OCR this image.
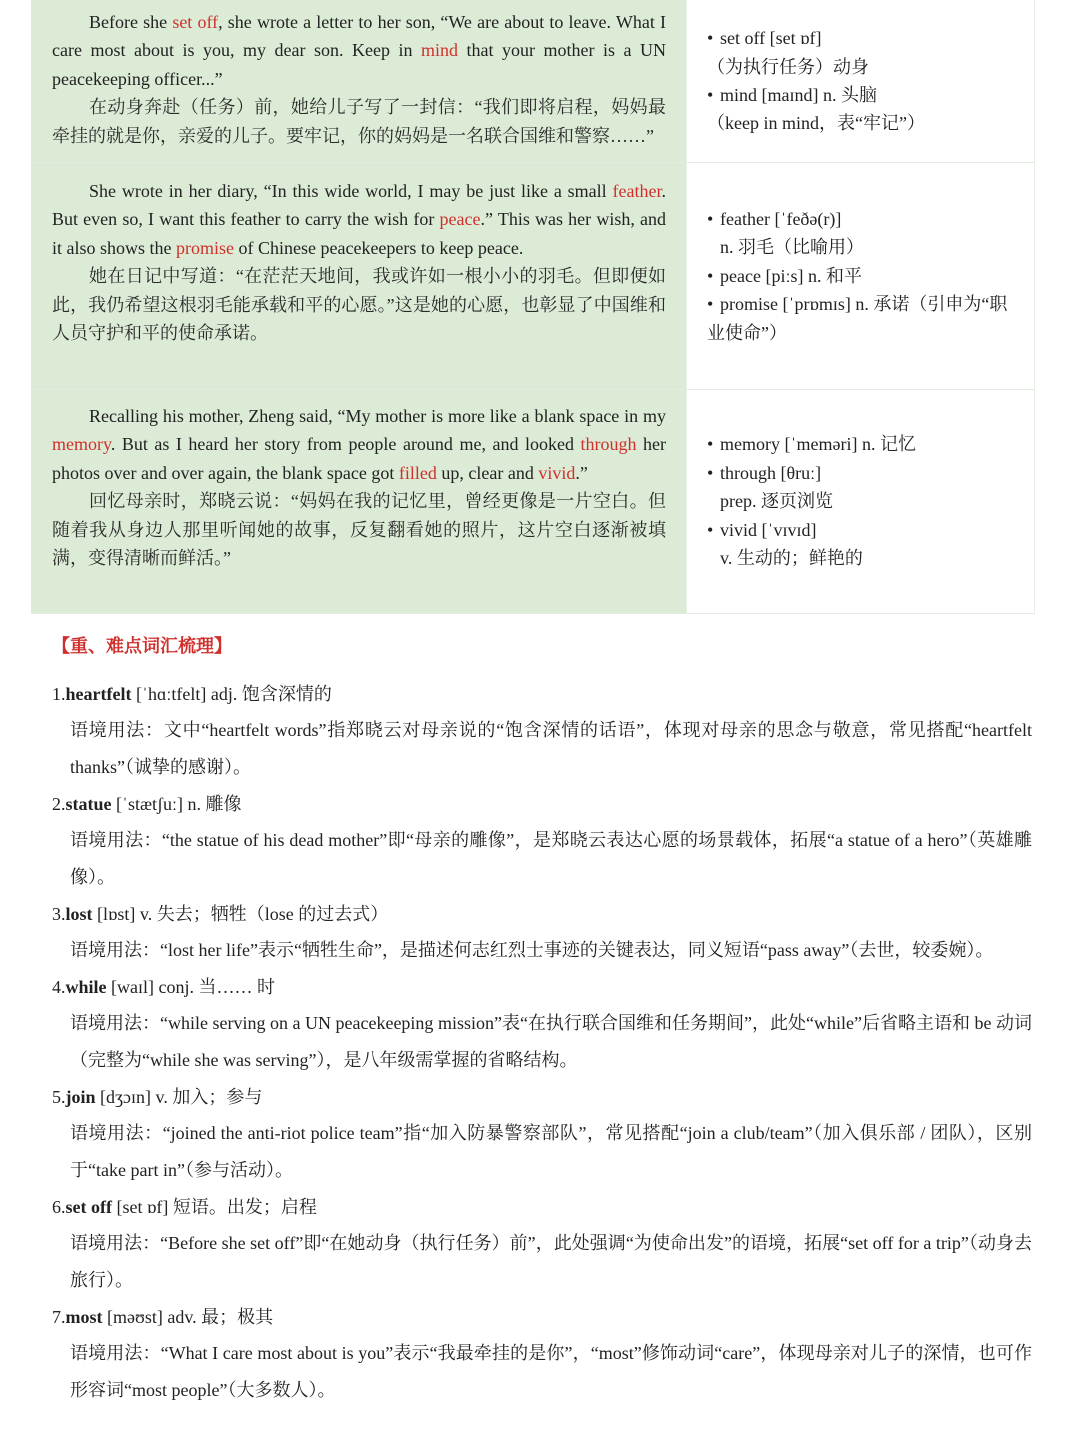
Before she set off, she wrote a letter to her son, “We are about to leave. What I care most about is you, my dear son. Keep in mind that your mother is a UN peacekeeping officer...”

在动身奔赴（任务）前，她给儿子写了一封信：“我们即将启程，妈妈最牵挂的就是你，亲爱的儿子。要牢记，你的妈妈是一名联合国维和警察……”

• set off [set ɒf]
（为执行任务）动身
• mind [maɪnd] n. 头脑
（keep in mind，表“牢记”）

She wrote in her diary, “In this wide world, I may be just like a small feather. But even so, I want this feather to carry the wish for peace.” This was her wish, and it also shows the promise of Chinese peacekeepers to keep peace.

她在日记中写道：“在茫茫天地间，我或许如一根小小的羽毛。但即便如此，我仍希望这根羽毛能承载和平的心愿。”这是她的心愿，也彰显了中国维和人员守护和平的使命承诺。

• feather [ˈfeðə(r)]
n. 羽毛（比喻用）
• peace [piːs] n. 和平
• promise [ˈprɒmɪs] n. 承诺（引申为“职业使命”）

Recalling his mother, Zheng said, “My mother is more like a blank space in my memory. But as I heard her story from people around me, and looked through her photos over and over again, the blank space got filled up, clear and vivid.”

回忆母亲时，郑晓云说：“妈妈在我的记忆里，曾经更像是一片空白。但随着我从身边人那里听闻她的故事，反复翻看她的照片，这片空白逐渐被填满，变得清晰而鲜活。”

• memory [ˈmeməri] n. 记忆
• through [θruː]
prep. 逐页浏览
• vivid [ˈvɪvɪd]
v. 生动的；鲜艳的
【重、难点词汇梳理】
1.heartfelt [ˈhɑːtfelt] adj. 饱含深情的
语境用法：文中“heartfelt words”指郑晓云对母亲说的“饱含深情的话语”，体现对母亲的思念与敬意，常见搭配“heartfelt thanks”（诚挚的感谢）。
2.statue [ˈstætʃuː] n. 雕像
语境用法：“the statue of his dead mother”即“母亲的雕像”，是郑晓云表达心愿的场景载体，拓展“a statue of a hero”（英雄雕像）。
3.lost [lɒst] v. 失去；牺牲（lose 的过去式）
语境用法：“lost her life”表示“牺牲生命”，是描述何志红烈士事迹的关键表达，同义短语“pass away”（去世，较委婉）。
4.while [waɪl] conj. 当…… 时
语境用法：“while serving on a UN peacekeeping mission”表“在执行联合国维和任务期间”，此处“while”后省略主语和 be 动词（完整为“while she was serving”），是八年级需掌握的省略结构。
5.join [dʒɔɪn] v. 加入；参与
语境用法：“joined the anti-riot police team”指“加入防暴警察部队”，常见搭配“join a club/team”（加入俱乐部 / 团队），区别于“take part in”（参与活动）。
6.set off [set ɒf] 短语。出发；启程
语境用法：“Before she set off”即“在她动身（执行任务）前”，此处强调“为使命出发”的语境，拓展“set off for a trip”（动身去旅行）。
7.most [məʊst] adv. 最；极其
语境用法：“What I care most about is you”表示“我最牵挂的是你”，“most”修饰动词“care”，体现母亲对儿子的深情，也可作形容词“most people”（大多数人）。
